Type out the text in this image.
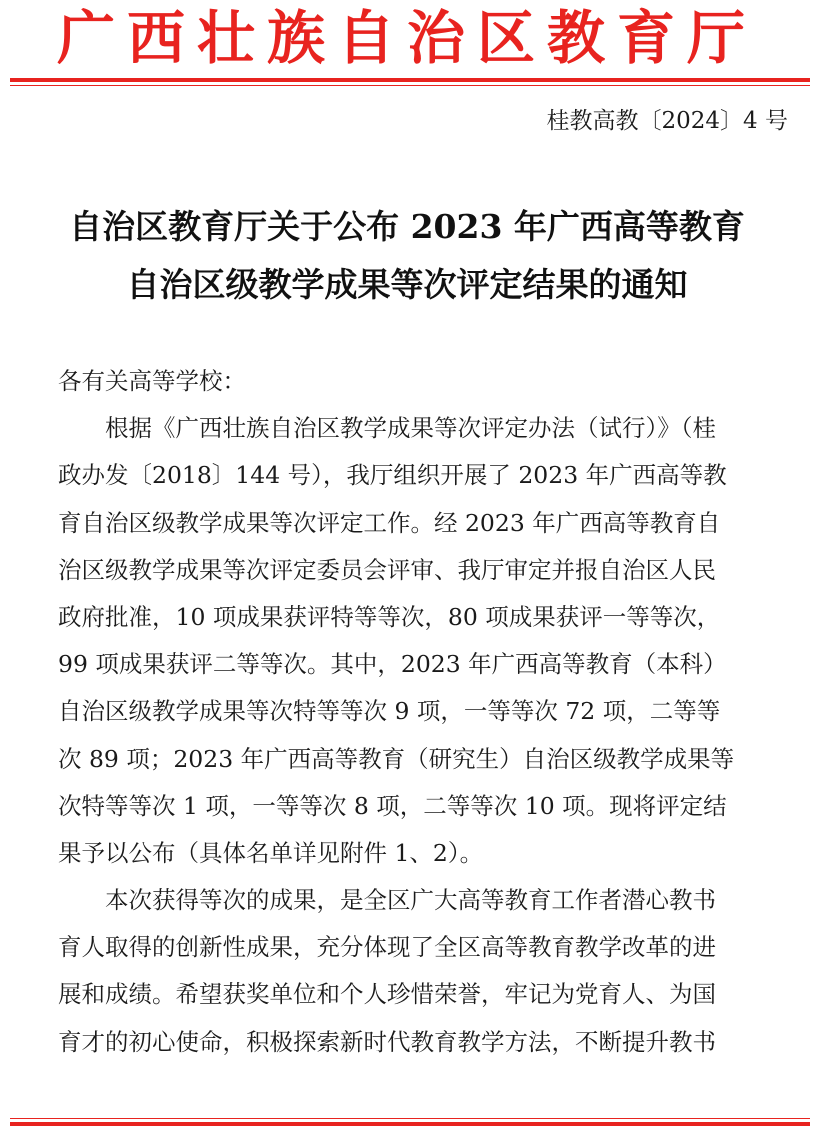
广西壮族自治区教育厅
桂教高教〔2024〕4 号
自治区教育厅关于公布 2023 年广西高等教育
自治区级教学成果等次评定结果的通知
各有关高等学校：
根据《广西壮族自治区教学成果等次评定办法（试行）》（桂
政办发〔2018〕144 号），我厅组织开展了 2023 年广西高等教
育自治区级教学成果等次评定工作。经 2023 年广西高等教育自
治区级教学成果等次评定委员会评审、我厅审定并报自治区人民
政府批准，10 项成果获评特等等次，80 项成果获评一等等次，
99 项成果获评二等等次。其中，2023 年广西高等教育（本科）
自治区级教学成果等次特等等次 9 项，一等等次 72 项，二等等
次 89 项；2023 年广西高等教育（研究生）自治区级教学成果等
次特等等次 1 项，一等等次 8 项，二等等次 10 项。现将评定结
果予以公布（具体名单详见附件 1、2）。
本次获得等次的成果，是全区广大高等教育工作者潜心教书
育人取得的创新性成果，充分体现了全区高等教育教学改革的进
展和成绩。希望获奖单位和个人珍惜荣誉，牢记为党育人、为国
育才的初心使命，积极探索新时代教育教学方法，不断提升教书
